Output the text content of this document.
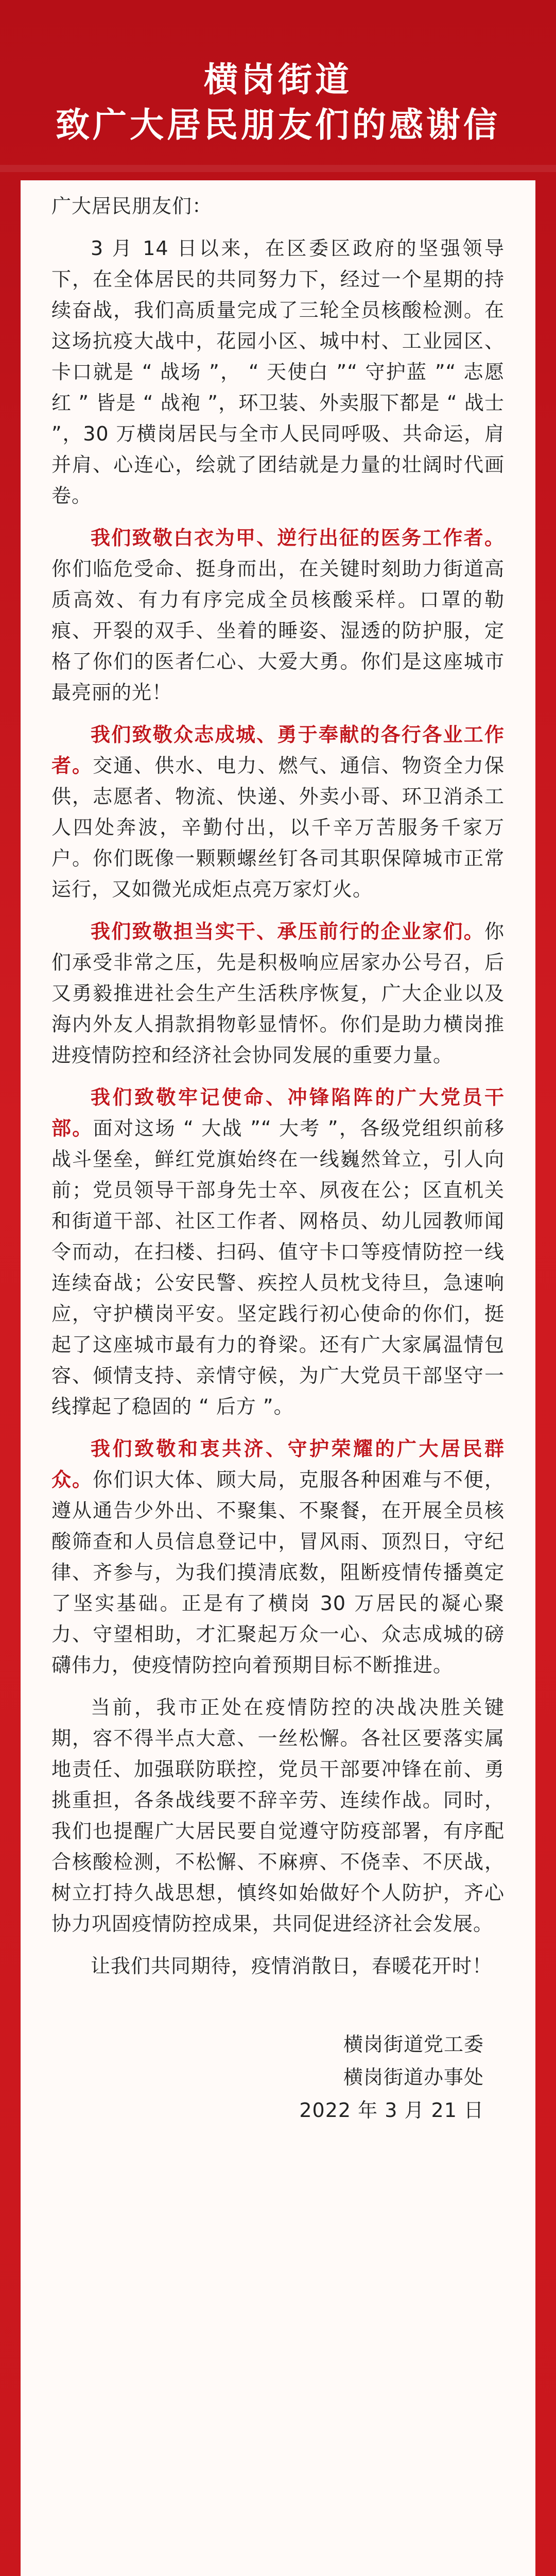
横岗街道
致广大居民朋友们的感谢信

广大居民朋友们：

3 月 14 日以来，在区委区政府的坚强领导下，在全体居民的共同努力下，经过一个星期的持续奋战，我们高质量完成了三轮全员核酸检测。在这场抗疫大战中，花园小区、城中村、工业园区、卡口就是 “ 战场 ”， “ 天使白 ”“ 守护蓝 ”“ 志愿红 ” 皆是 “ 战袍 ”，环卫装、外卖服下都是 “ 战士 ”，30 万横岗居民与全市人民同呼吸、共命运，肩并肩、心连心，绘就了团结就是力量的壮阔时代画卷。

我们致敬白衣为甲、逆行出征的医务工作者。你们临危受命、挺身而出，在关键时刻助力街道高质高效、有力有序完成全员核酸采样。口罩的勒痕、开裂的双手、坐着的睡姿、湿透的防护服，定格了你们的医者仁心、大爱大勇。你们是这座城市最亮丽的光！

我们致敬众志成城、勇于奉献的各行各业工作者。交通、供水、电力、燃气、通信、物资全力保供，志愿者、物流、快递、外卖小哥、环卫消杀工人四处奔波，辛勤付出，以千辛万苦服务千家万户。你们既像一颗颗螺丝钉各司其职保障城市正常运行，又如微光成炬点亮万家灯火。

我们致敬担当实干、承压前行的企业家们。你们承受非常之压，先是积极响应居家办公号召，后又勇毅推进社会生产生活秩序恢复，广大企业以及海内外友人捐款捐物彰显情怀。你们是助力横岗推进疫情防控和经济社会协同发展的重要力量。

我们致敬牢记使命、冲锋陷阵的广大党员干部。面对这场 “ 大战 ”“ 大考 ”，各级党组织前移战斗堡垒，鲜红党旗始终在一线巍然耸立，引人向前；党员领导干部身先士卒、夙夜在公；区直机关和街道干部、社区工作者、网格员、幼儿园教师闻令而动，在扫楼、扫码、值守卡口等疫情防控一线连续奋战；公安民警、疾控人员枕戈待旦，急速响应，守护横岗平安。坚定践行初心使命的你们，挺起了这座城市最有力的脊梁。还有广大家属温情包容、倾情支持、亲情守候，为广大党员干部坚守一线撑起了稳固的 “ 后方 ”。

我们致敬和衷共济、守护荣耀的广大居民群众。你们识大体、顾大局，克服各种困难与不便，遵从通告少外出、不聚集、不聚餐，在开展全员核酸筛查和人员信息登记中，冒风雨、顶烈日，守纪律、齐参与，为我们摸清底数，阻断疫情传播奠定了坚实基础。正是有了横岗 30 万居民的凝心聚力、守望相助，才汇聚起万众一心、众志成城的磅礴伟力，使疫情防控向着预期目标不断推进。

当前，我市正处在疫情防控的决战决胜关键期，容不得半点大意、一丝松懈。各社区要落实属地责任、加强联防联控，党员干部要冲锋在前、勇挑重担，各条战线要不辞辛劳、连续作战。同时，我们也提醒广大居民要自觉遵守防疫部署，有序配合核酸检测，不松懈、不麻痹、不侥幸、不厌战，树立打持久战思想，慎终如始做好个人防护，齐心协力巩固疫情防控成果，共同促进经济社会发展。

让我们共同期待，疫情消散日，春暖花开时！

横岗街道党工委
横岗街道办事处
2022 年 3 月 21 日
